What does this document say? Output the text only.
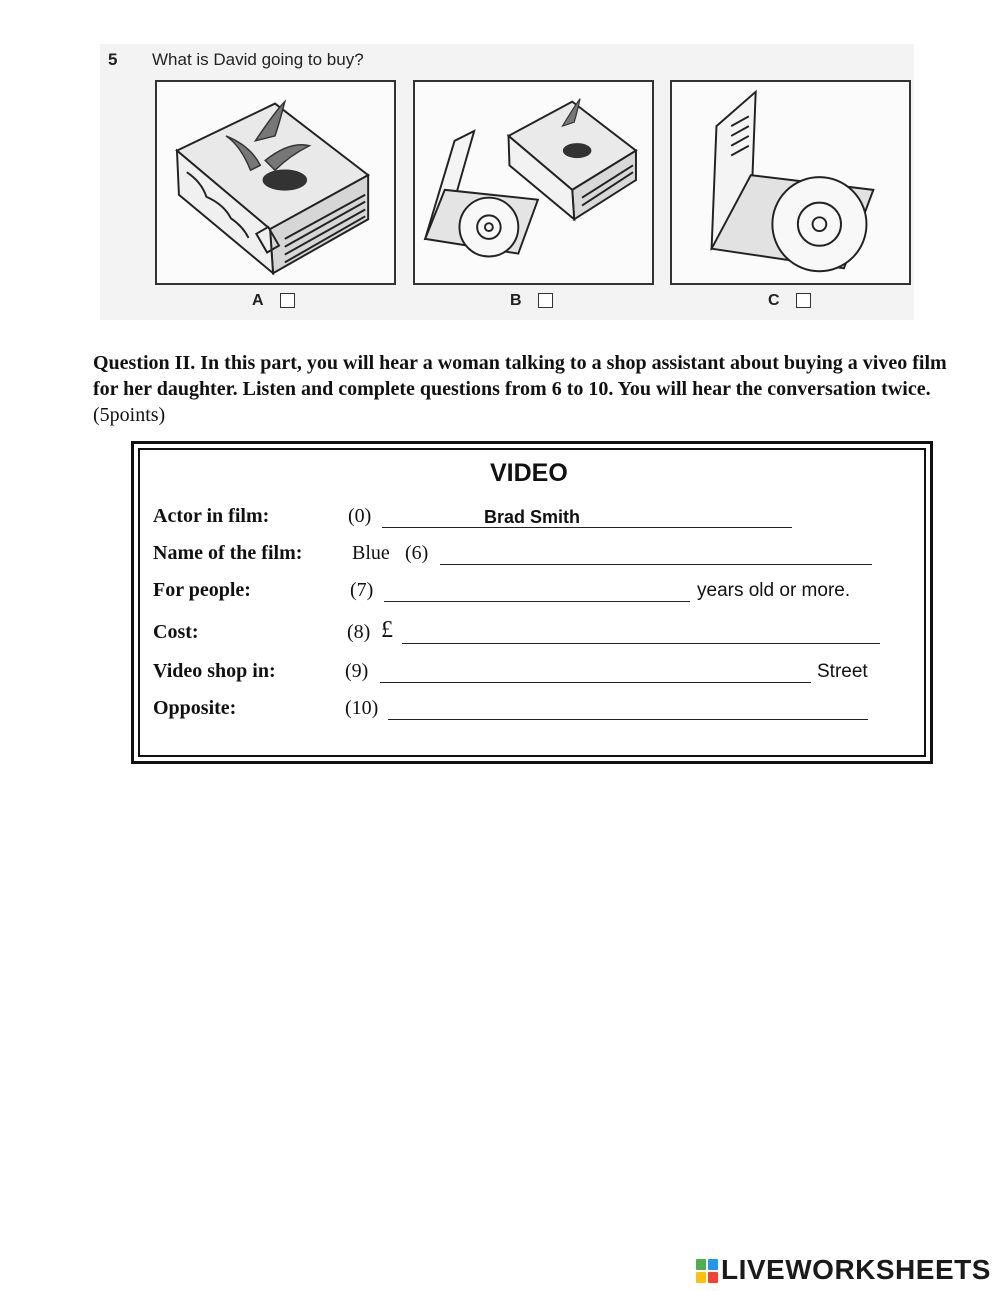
5 What is David going to buy?
A	B	C
Question II. In this part, you will hear a woman talking to a shop assistant about buying a viveo film for her daughter. Listen and complete questions from 6 to 10. You will hear the conversation twice. (5points)
VIDEO
Actor in film:	(0)	Brad Smith
Name of the film: Blue (6)
For people:	(7)	years old or more.
Cost:	(8) £
Video shop in:	(9)	Street
Opposite:	(10)
LIVEWORKSHEETS
